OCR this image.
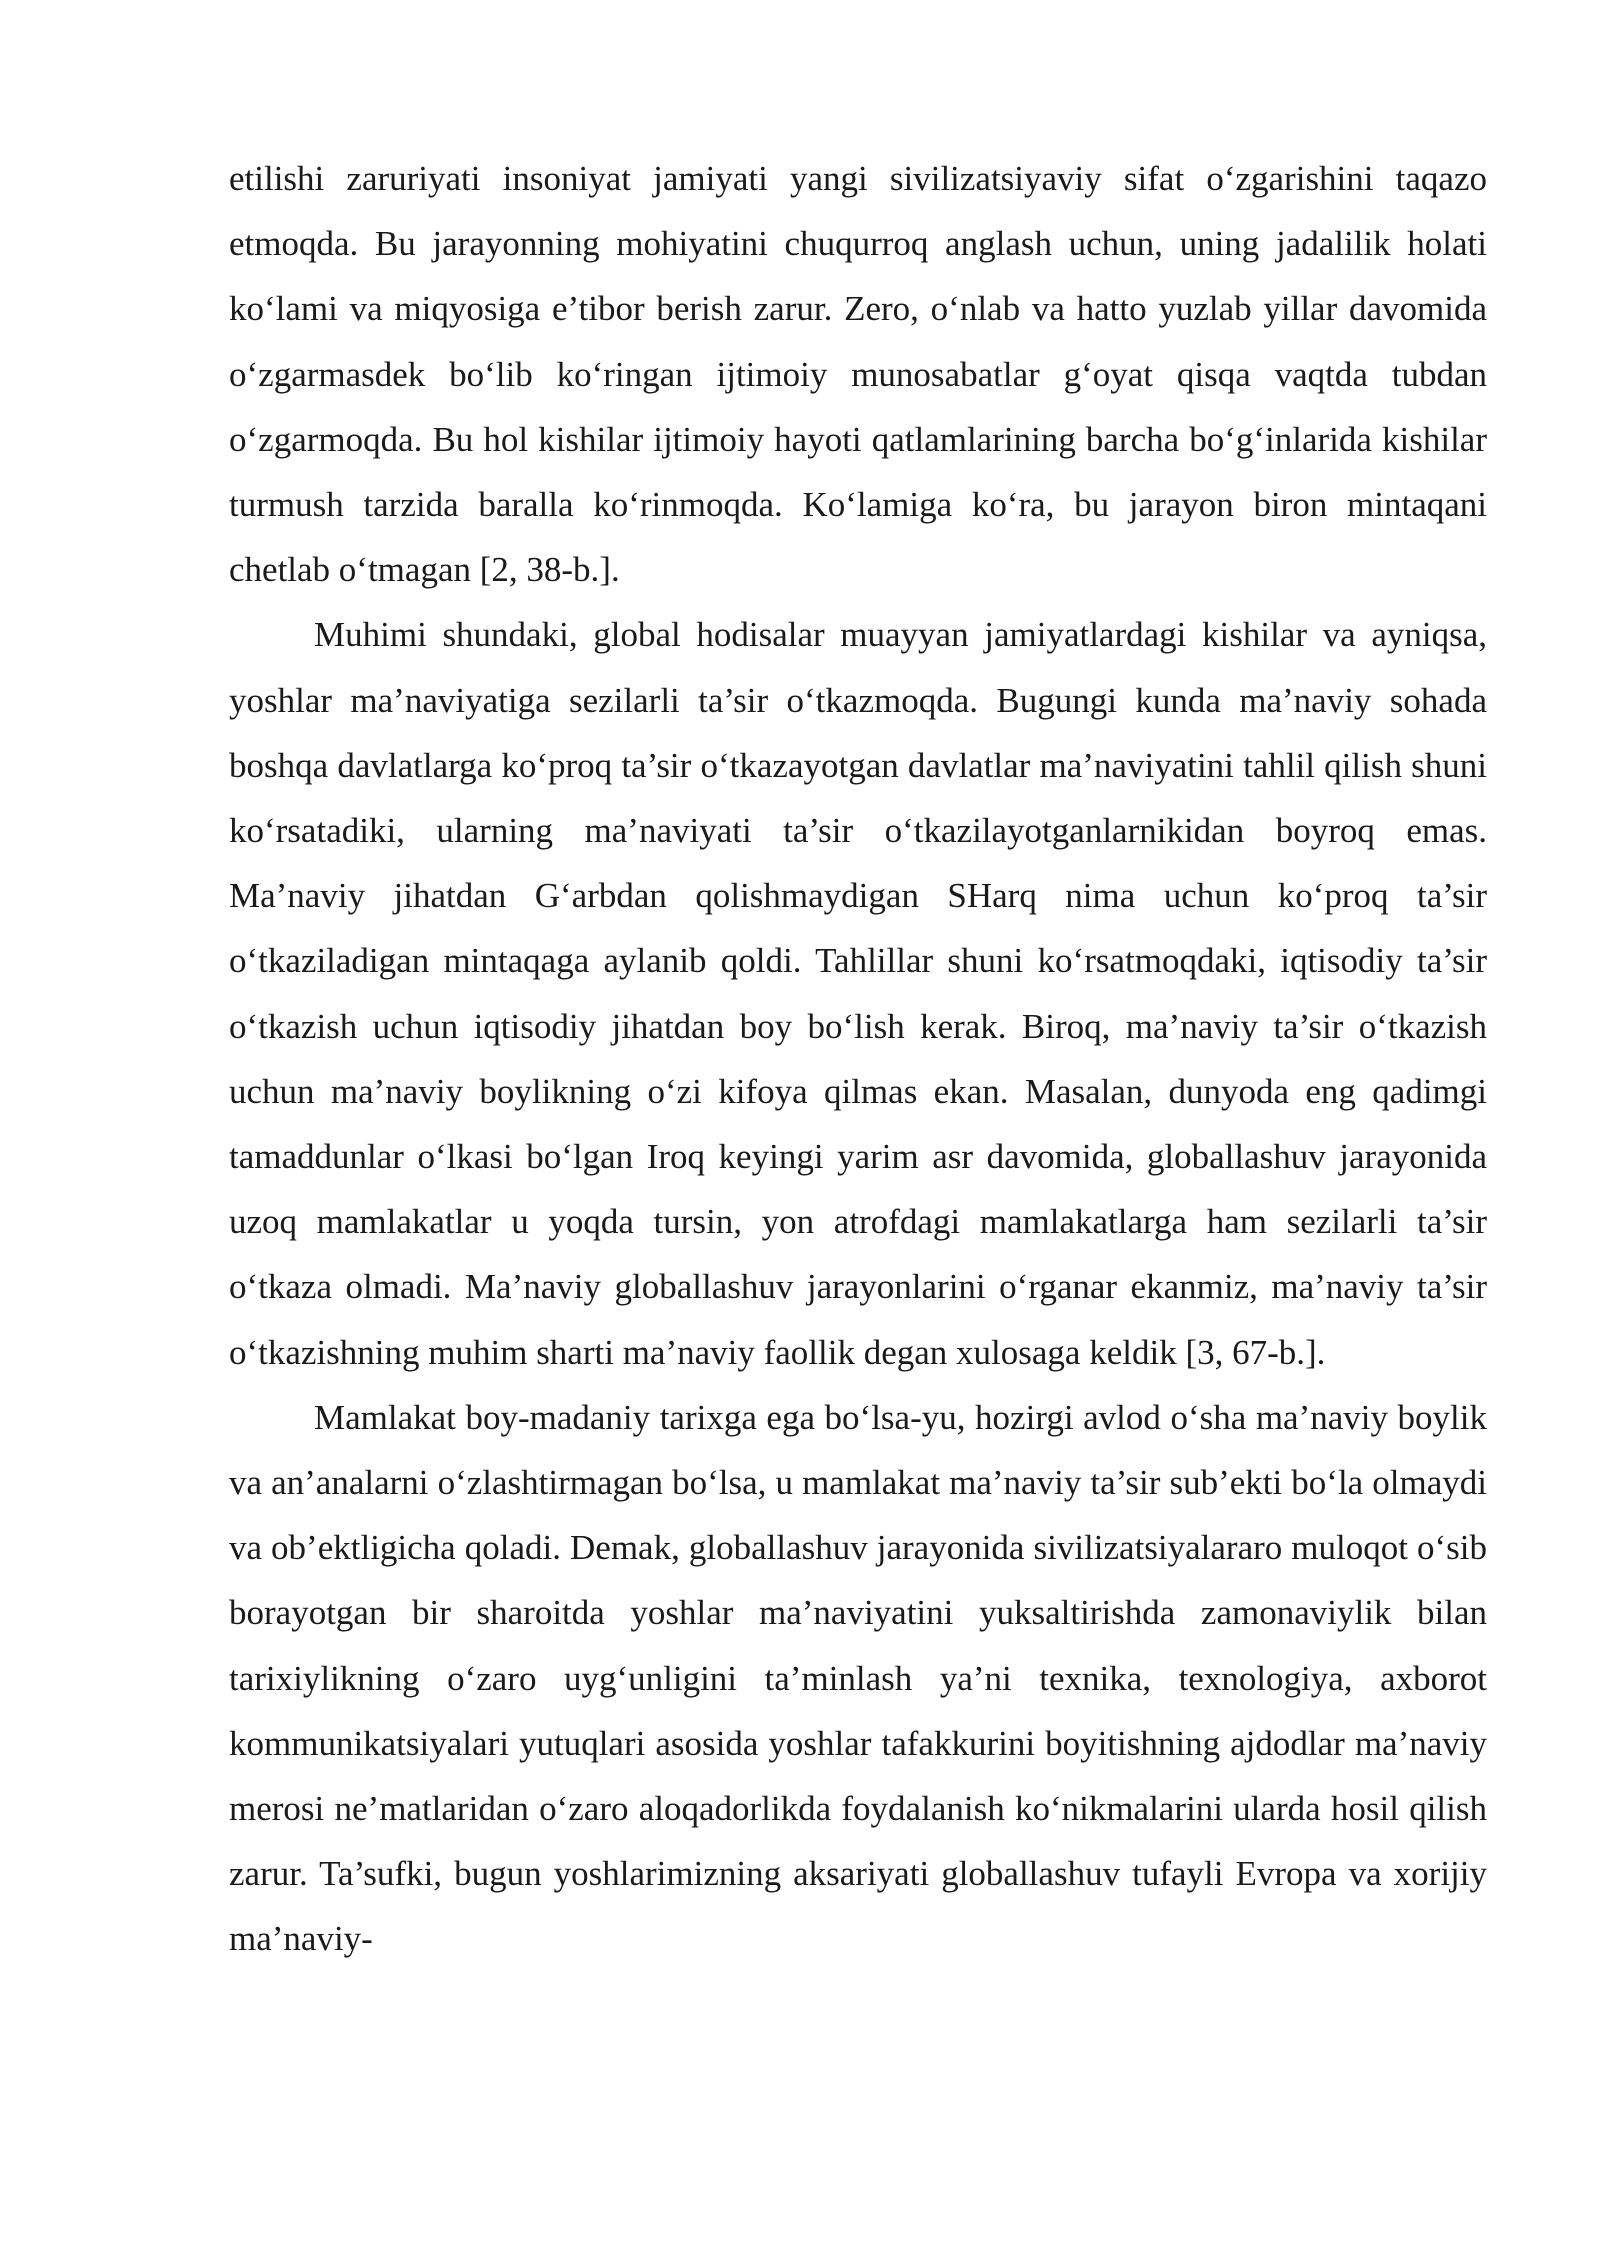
etilishi zaruriyati insoniyat jamiyati yangi sivilizatsiyaviy sifat o‘zgarishini taqazo etmoqda. Bu jarayonning mohiyatini chuqurroq anglash uchun, uning jadalilik holati ko‘lami va miqyosiga e’tibor berish zarur. Zero, o‘nlab va hatto yuzlab yillar davomida o‘zgarmasdek bo‘lib ko‘ringan ijtimoiy munosabatlar g‘oyat qisqa vaqtda tubdan o‘zgarmoqda. Bu hol kishilar ijtimoiy hayoti qatlamlarining barcha bo‘g‘inlarida kishilar turmush tarzida baralla ko‘rinmoqda. Ko‘lamiga ko‘ra, bu jarayon biron mintaqani chetlab o‘tmagan [2, 38-b.].

Muhimi shundaki, global hodisalar muayyan jamiyatlardagi kishilar va ayniqsa, yoshlar ma’naviyatiga sezilarli ta’sir o‘tkazmoqda. Bugungi kunda ma’naviy sohada boshqa davlatlarga ko‘proq ta’sir o‘tkazayotgan davlatlar ma’naviyatini tahlil qilish shuni ko‘rsatadiki, ularning ma’naviyati ta’sir o‘tkazilayotganlarnikidan boyroq emas. Ma’naviy jihatdan G‘arbdan qolishmaydigan SHarq nima uchun ko‘proq ta’sir o‘tkaziladigan mintaqaga aylanib qoldi. Tahlillar shuni ko‘rsatmoqdaki, iqtisodiy ta’sir o‘tkazish uchun iqtisodiy jihatdan boy bo‘lish kerak. Biroq, ma’naviy ta’sir o‘tkazish uchun ma’naviy boylikning o‘zi kifoya qilmas ekan. Masalan, dunyoda eng qadimgi tamaddunlar o‘lkasi bo‘lgan Iroq keyingi yarim asr davomida, globallashuv jarayonida uzoq mamlakatlar u yoqda tursin, yon atrofdagi mamlakatlarga ham sezilarli ta’sir o‘tkaza olmadi. Ma’naviy globallashuv jarayonlarini o‘rganar ekanmiz, ma’naviy ta’sir o‘tkazishning muhim sharti ma’naviy faollik degan xulosaga keldik [3, 67-b.].

Mamlakat boy-madaniy tarixga ega bo‘lsa-yu, hozirgi avlod o‘sha ma’naviy boylik va an’analarni o‘zlashtirmagan bo‘lsa, u mamlakat ma’naviy ta’sir sub’ekti bo‘la olmaydi va ob’ektligicha qoladi. Demak, globallashuv jarayonida sivilizatsiyalararo muloqot o‘sib borayotgan bir sharoitda yoshlar ma’naviyatini yuksaltirishda zamonaviylik bilan tarixiylikning o‘zaro uyg‘unligini ta’minlash ya’ni texnika, texnologiya, axborot kommunikatsiyalari yutuqlari asosida yoshlar tafakkurini boyitishning ajdodlar ma’naviy merosi ne’matlaridan o‘zaro aloqadorlikda foydalanish ko‘nikmalarini ularda hosil qilish zarur. Ta’sufki, bugun yoshlarimizning aksariyati globallashuv tufayli Evropa va xorijiy ma’naviy-
